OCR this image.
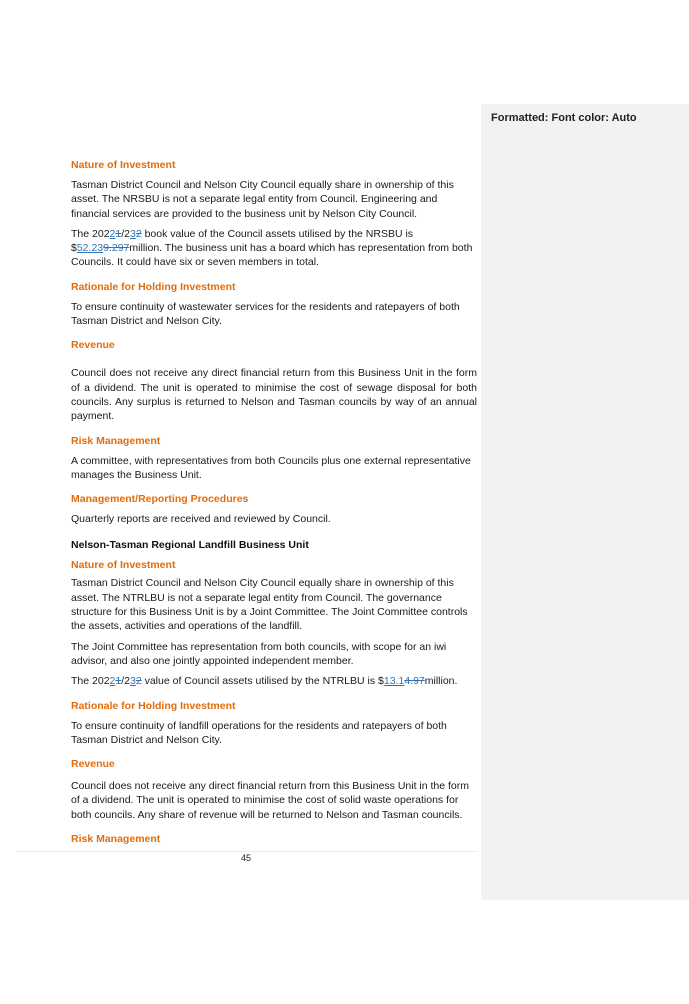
Formatted: Font color: Auto
Nature of Investment
Tasman District Council and Nelson City Council equally share in ownership of this asset. The NRSBU is not a separate legal entity from Council. Engineering and financial services are provided to the business unit by Nelson City Council.
The 20221/232 book value of the Council assets utilised by the NRSBU is $52.239.297million. The business unit has a board which has representation from both Councils. It could have six or seven members in total.
Rationale for Holding Investment
To ensure continuity of wastewater services for the residents and ratepayers of both Tasman District and Nelson City.
Revenue
Council does not receive any direct financial return from this Business Unit in the form of a dividend. The unit is operated to minimise the cost of sewage disposal for both councils. Any surplus is returned to Nelson and Tasman councils by way of an annual payment.
Risk Management
A committee, with representatives from both Councils plus one external representative manages the Business Unit.
Management/Reporting Procedures
Quarterly reports are received and reviewed by Council.
Nelson-Tasman Regional Landfill Business Unit
Nature of Investment
Tasman District Council and Nelson City Council equally share in ownership of this asset. The NTRLBU is not a separate legal entity from Council. The governance structure for this Business Unit is by a Joint Committee. The Joint Committee controls the assets, activities and operations of the landfill.
The Joint Committee has representation from both councils, with scope for an iwi advisor, and also one jointly appointed independent member.
The 20221/232 value of Council assets utilised by the NTRLBU is $13.14.97million.
Rationale for Holding Investment
To ensure continuity of landfill operations for the residents and ratepayers of both Tasman District and Nelson City.
Revenue
Council does not receive any direct financial return from this Business Unit in the form of a dividend. The unit is operated to minimise the cost of solid waste operations for both councils. Any share of revenue will be returned to Nelson and Tasman councils.
Risk Management
45
